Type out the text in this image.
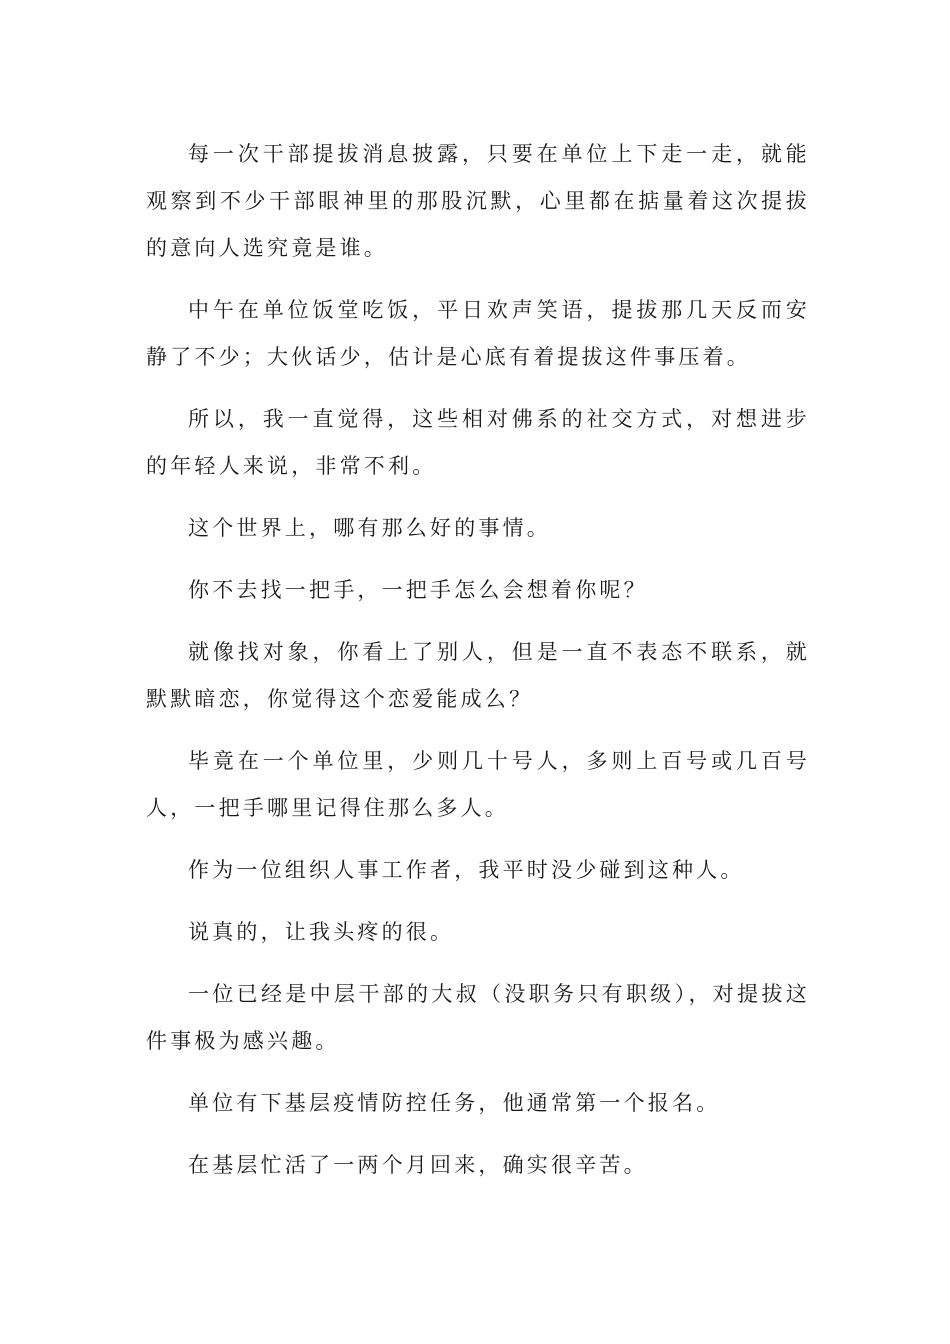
每一次干部提拔消息披露，只要在单位上下走一走，就能观察到不少干部眼神里的那股沉默，心里都在掂量着这次提拔的意向人选究竟是谁。

中午在单位饭堂吃饭，平日欢声笑语，提拔那几天反而安静了不少；大伙话少，估计是心底有着提拔这件事压着。

所以，我一直觉得，这些相对佛系的社交方式，对想进步的年轻人来说，非常不利。

这个世界上，哪有那么好的事情。

你不去找一把手，一把手怎么会想着你呢？

就像找对象，你看上了别人，但是一直不表态不联系，就默默暗恋，你觉得这个恋爱能成么？

毕竟在一个单位里，少则几十号人，多则上百号或几百号人，一把手哪里记得住那么多人。

作为一位组织人事工作者，我平时没少碰到这种人。

说真的，让我头疼的很。

一位已经是中层干部的大叔（没职务只有职级），对提拔这件事极为感兴趣。

单位有下基层疫情防控任务，他通常第一个报名。

在基层忙活了一两个月回来，确实很辛苦。
